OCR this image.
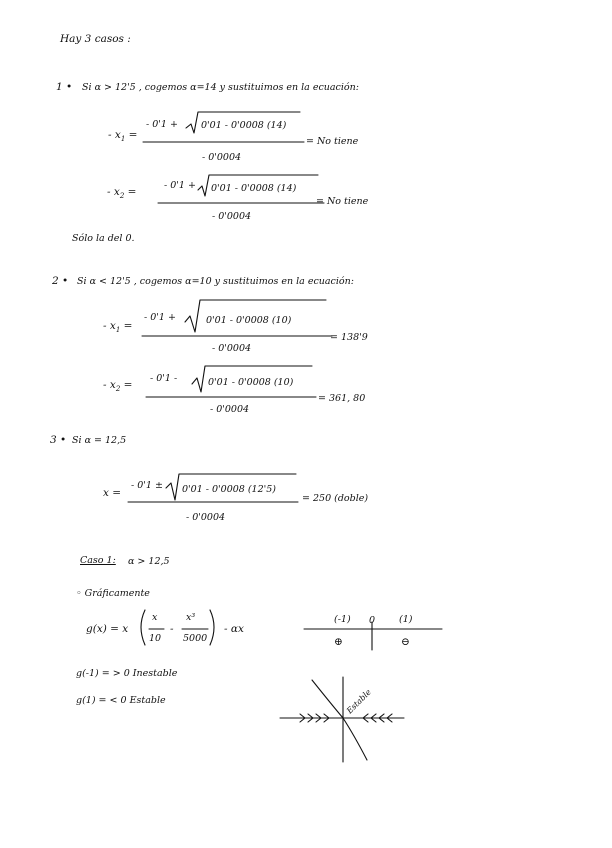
Hay 3 casos :
1 • Si α > 12'5 , cogemos α=14 y sustituimos en la ecuación:
- $x_1$ =
- 0'1 + 0'01 - 0'0008 (14)
- 0'0004
= No tiene
- $x_2$ =
- 0'1 + 0'01 - 0'0008 (14)
- 0'0004
= No tiene
Sólo la del 0.
2 • Si α < 12'5 , cogemos α=10 y sustituimos en la ecuación:
- $x_1$ =
- 0'1 +	0'01 - 0'0008 (10)
- 0'0004
= 138'9
- $x_2$ =
- 0'1 -	0'01 - 0'0008 (10)
- 0'0004
= 361, 80
3 • Si α = 12,5
x =
- 0'1 ± 0'01 - 0'0008 (12'5)
- 0'0004
= 250 (doble)
Caso 1: α > 12,5
◦ Gráficamente
g(x) = x
x
10
-
x³
5000
- αx
(-1) 0	(1)
⊕	⊖
g(-1) = > 0 Inestable
g(1) = < 0 Estable	Estable
